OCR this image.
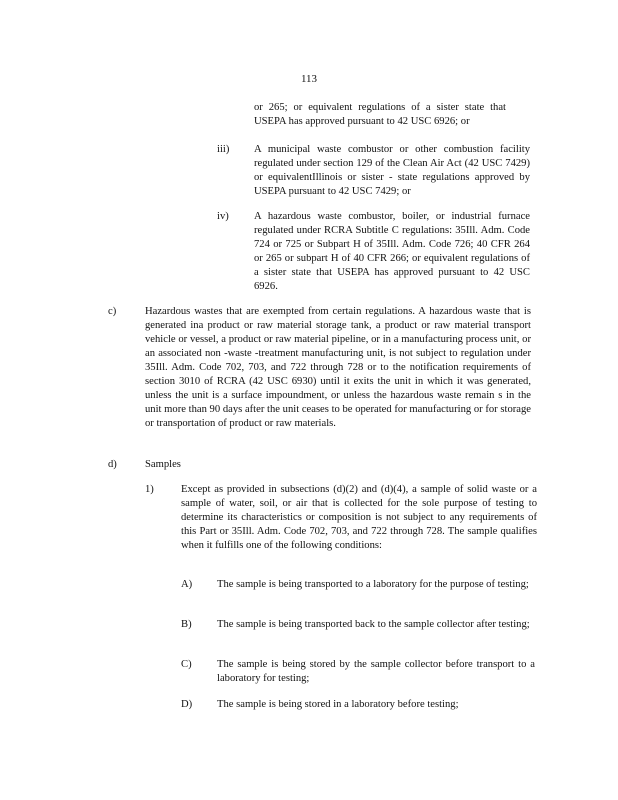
113
or 265; or equivalent regulations of a sister state that USEPA has approved pursuant to 42 USC 6926; or
iii) A municipal waste combustor or other combustion facility regulated under section 129 of the Clean Air Act (42 USC 7429) or equivalentIllinois or sister - state regulations approved by USEPA pursuant to 42 USC 7429; or
iv) A hazardous waste combustor, boiler, or industrial furnace regulated under RCRA Subtitle C regulations: 35Ill. Adm. Code 724 or 725 or Subpart H of 35Ill. Adm. Code 726; 40 CFR 264 or 265 or subpart H of 40 CFR 266; or equivalent regulations of a sister state that USEPA has approved pursuant to 42 USC 6926.
c)	Hazardous wastes that are exempted from certain regulations. A hazardous waste that is generated ina product or raw material storage tank, a product or raw material transport vehicle or vessel, a product or raw material pipeline, or in a manufacturing process unit, or an associated non -waste -treatment manufacturing unit, is not subject to regulation under 35Ill. Adm. Code 702, 703, and 722 through 728 or to the notification requirements of section 3010 of RCRA (42 USC 6930) until it exits the unit in which it was generated, unless the unit is a surface impoundment, or unless the hazardous waste remain s in the unit more than 90 days after the unit ceases to be operated for manufacturing or for storage or transportation of product or raw materials.
d)	Samples
1)	Except as provided in subsections (d)(2) and (d)(4), a sample of solid waste or a sample of water, soil, or air that is collected for the sole purpose of testing to determine its characteristics or composition is not subject to any requirements of this Part or 35Ill. Adm. Code 702, 703, and 722 through 728. The sample qualifies when it fulfills one of the following conditions:
A) The sample is being transported to a laboratory for the purpose of testing;
B) The sample is being transported back to the sample collector after testing;
C) The sample is being stored by the sample collector before transport to a laboratory for testing;
D) The sample is being stored in a laboratory before testing;
